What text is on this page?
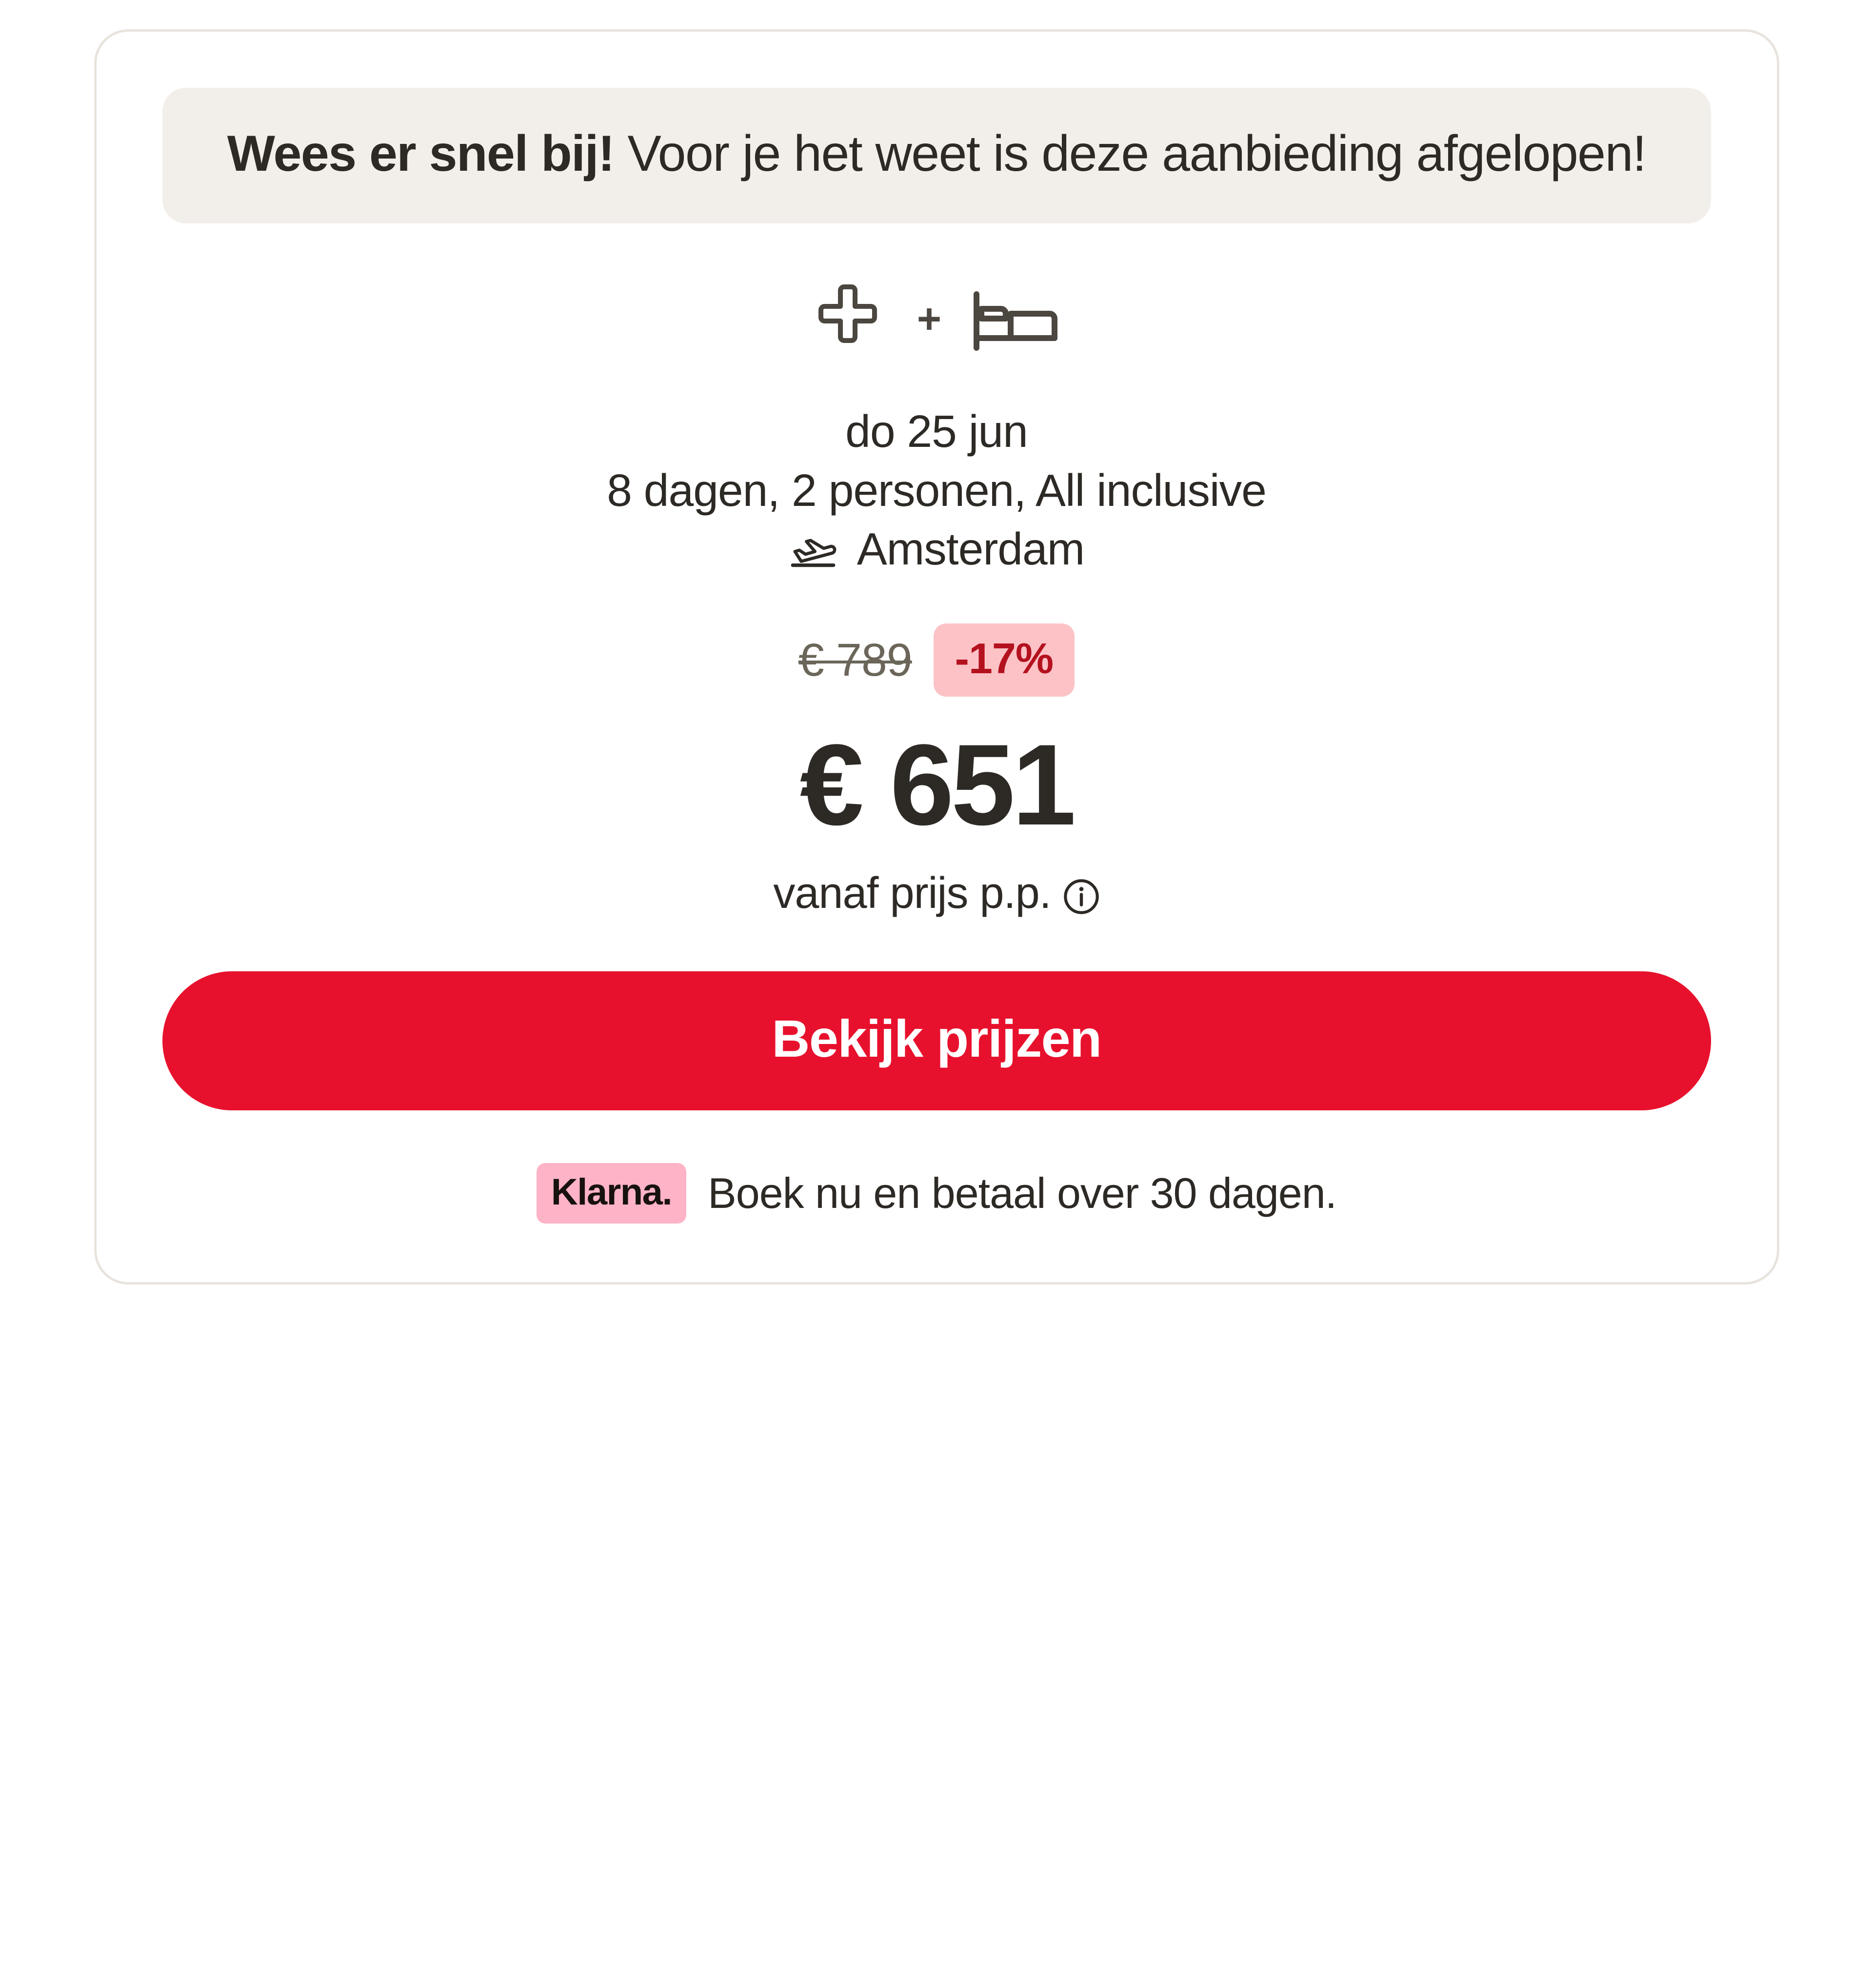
Wees er snel bij! Voor je het weet is deze aanbieding afgelopen!
+
do 25 jun
8 dagen, 2 personen, All inclusive
Amsterdam
€ 789	-17%
€ 651
vanaf prijs p.p.
Bekijk prijzen
Klarna. Boek nu en betaal over 30 dagen.
